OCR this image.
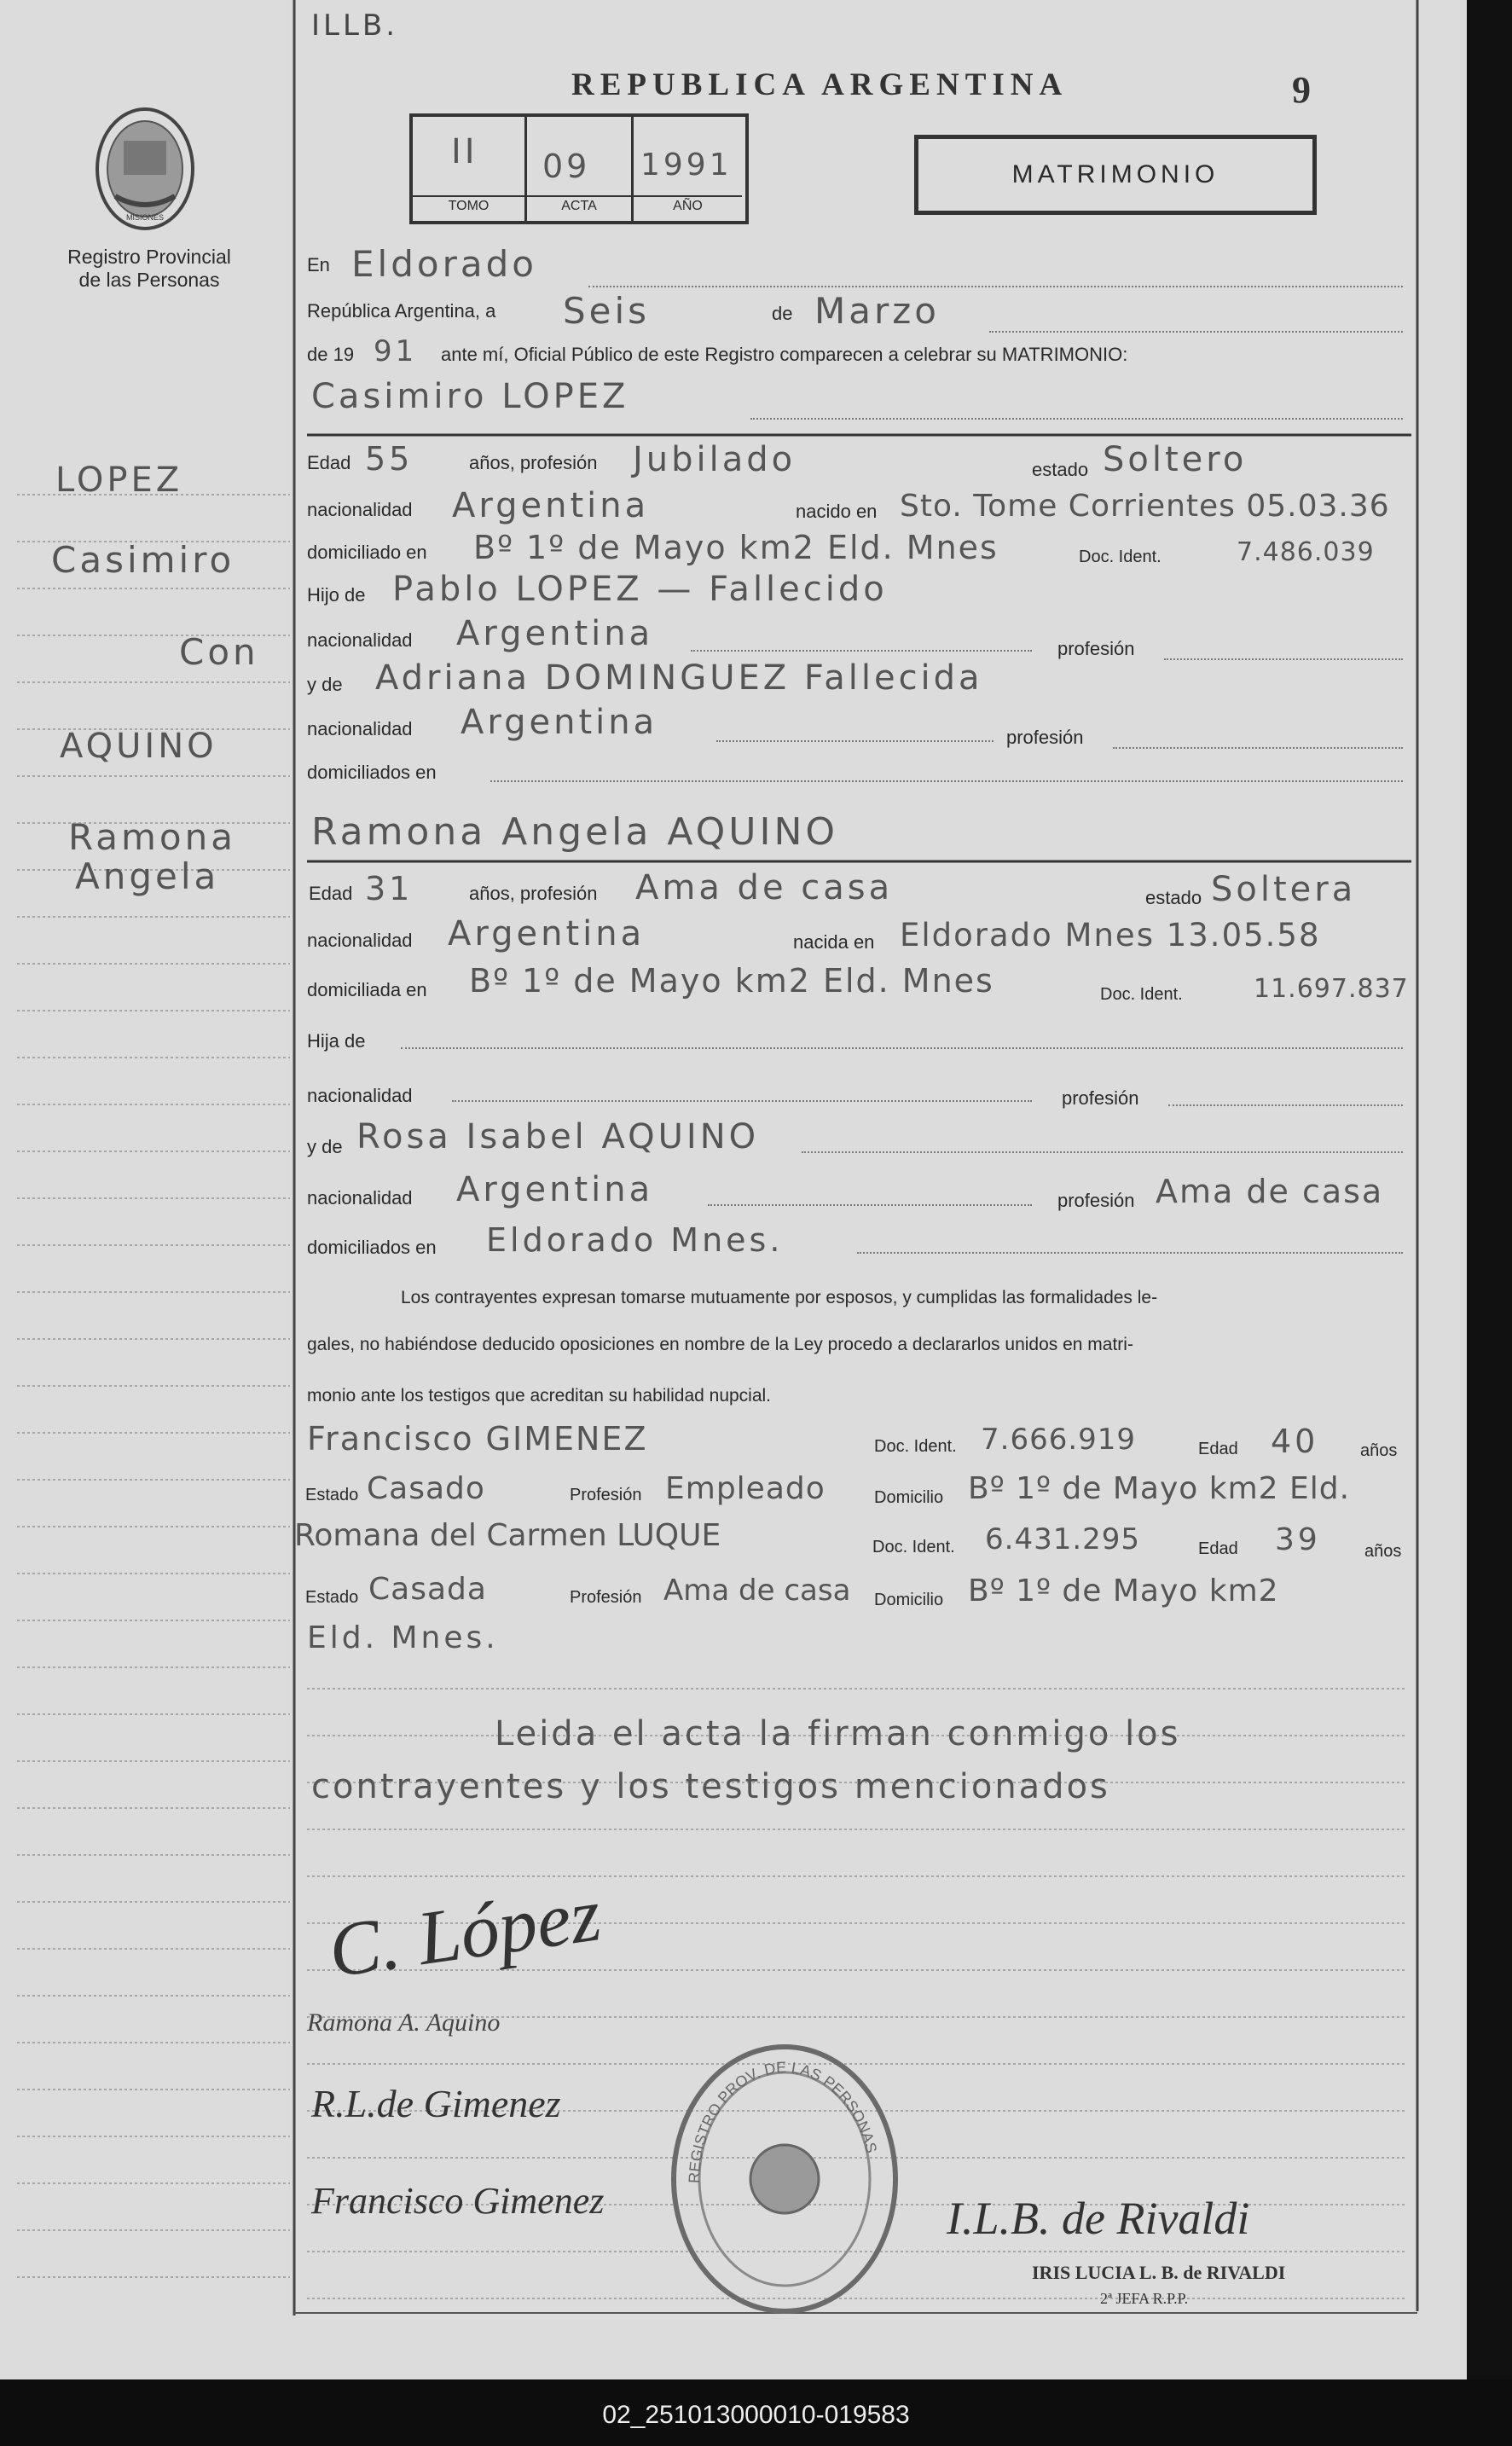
ILLB.
MISIONES
Registro Provincial
de las Personas
LOPEZ
Casimiro
Con
AQUINO
Ramona
Angela
REPUBLICA ARGENTINA	9
MATRIMONIO
II
TOMO
09
ACTA
1991
AÑO
En Eldorado
República Argentina, a Seis	de Marzo
de 19 91 ante mí, Oficial Público de este Registro comparecen a celebrar su MATRIMONIO:
Casimiro LOPEZ
Edad 55	años, profesión Jubilado	estado Soltero
nacionalidad Argentina	nacido en Sto. Tome Corrientes 05.03.36
domiciliado en Bº 1º de Mayo km2 Eld. Mnes	Doc. Ident.	7.486.039
Hijo de Pablo LOPEZ — Fallecido
nacionalidad Argentina	profesión
y de Adriana DOMINGUEZ Fallecida
nacionalidad Argentina	profesión
domiciliados en
Ramona Angela AQUINO
Edad 31	años, profesión Ama de casa	estado Soltera
nacionalidad Argentina	nacida en Eldorado Mnes 13.05.58
domiciliada en Bº 1º de Mayo km2 Eld. Mnes	Doc. Ident.	11.697.837
Hija de
nacionalidad	profesión
y de Rosa Isabel AQUINO
nacionalidad Argentina	profesión Ama de casa
domiciliados en Eldorado Mnes.
Los contrayentes expresan tomarse mutuamente por esposos, y cumplidas las formalidades le-
gales, no habiéndose deducido oposiciones en nombre de la Ley procedo a declararlos unidos en matri-
monio ante los testigos que acreditan su habilidad nupcial.
Francisco GIMENEZ	Doc. Ident. 7.666.919	Edad 40 años
Estado Casado	Profesión Empleado	Domicilio Bº 1º de Mayo km2 Eld.
Romana del Carmen LUQUE	Doc. Ident. 6.431.295	Edad 39	años
Estado Casada	Profesión Ama de casa Domicilio Bº 1º de Mayo km2
Eld. Mnes.
Leida el acta la firman conmigo los
contrayentes y los testigos mencionados
C. López
Ramona A. Aquino
R.L.de Gimenez
Francisco Gimenez	I.L.B. de Rivaldi
REGISTRO PROV. DE LAS PERSONAS
IRIS LUCIA L. B. de RIVALDI
2ª JEFA R.P.P.
02_251013000010-019583
